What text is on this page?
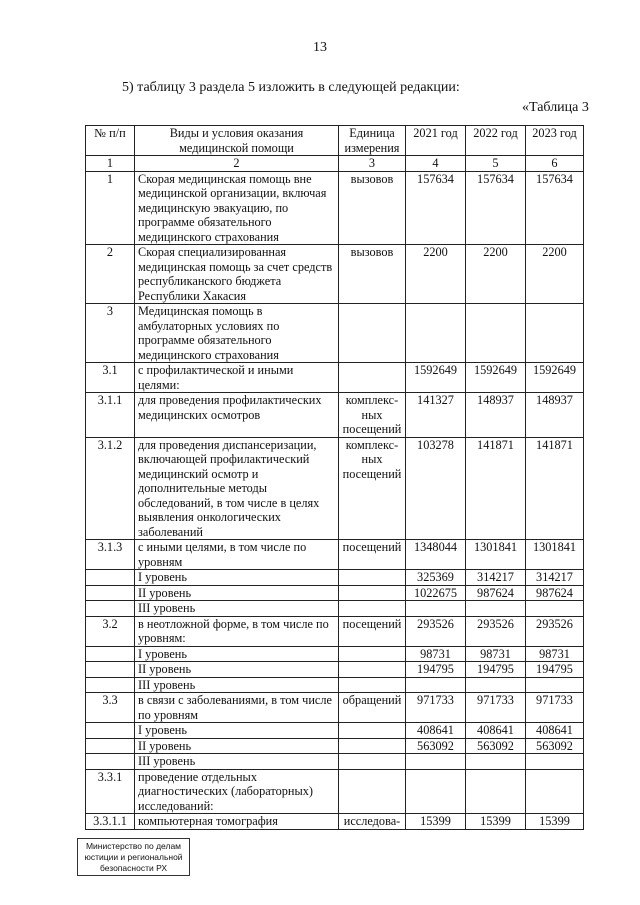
13
5) таблицу 3 раздела 5 изложить в следующей редакции:
«Таблица 3
№ п/п	Виды и условия оказания медицинской помощи	Единица измерения	2021 год	2022 год	2023 год
1	2	3	4	5	6
1	Скорая медицинская помощь вне медицинской организации, включая медицинскую эвакуацию, по программе обязательного медицинского страхования	вызовов	157634	157634	157634
2	Скорая специализированная медицинская помощь за счет средств республиканского бюджета Республики Хакасия	вызовов	2200	2200	2200
3	Медицинская помощь в амбулаторных условиях по программе обязательного медицинского страхования				
3.1	с профилактической и иными целями:		1592649	1592649	1592649
3.1.1	для проведения профилактических медицинских осмотров	комплекс-ных посещений	141327	148937	148937
3.1.2	для проведения диспансеризации, включающей профилактический медицинский осмотр и дополнительные методы обследований, в том числе в целях выявления онкологических заболеваний	комплекс-ных посещений	103278	141871	141871
3.1.3	с иными целями, в том числе по уровням	посещений	1348044	1301841	1301841
	I уровень		325369	314217	314217
	II уровень		1022675	987624	987624
	III уровень				
3.2	в неотложной форме, в том числе по уровням:	посещений	293526	293526	293526
	I уровень		98731	98731	98731
	II уровень		194795	194795	194795
	III уровень				
3.3	в связи с заболеваниями, в том числе по уровням	обращений	971733	971733	971733
	I уровень		408641	408641	408641
	II уровень		563092	563092	563092
	III уровень				
3.3.1	проведение отдельных диагностических (лабораторных) исследований:				
3.3.1.1	компьютерная томография	исследова-	15399	15399	15399
Министерство по делам
юстиции и региональной
безопасности РХ
